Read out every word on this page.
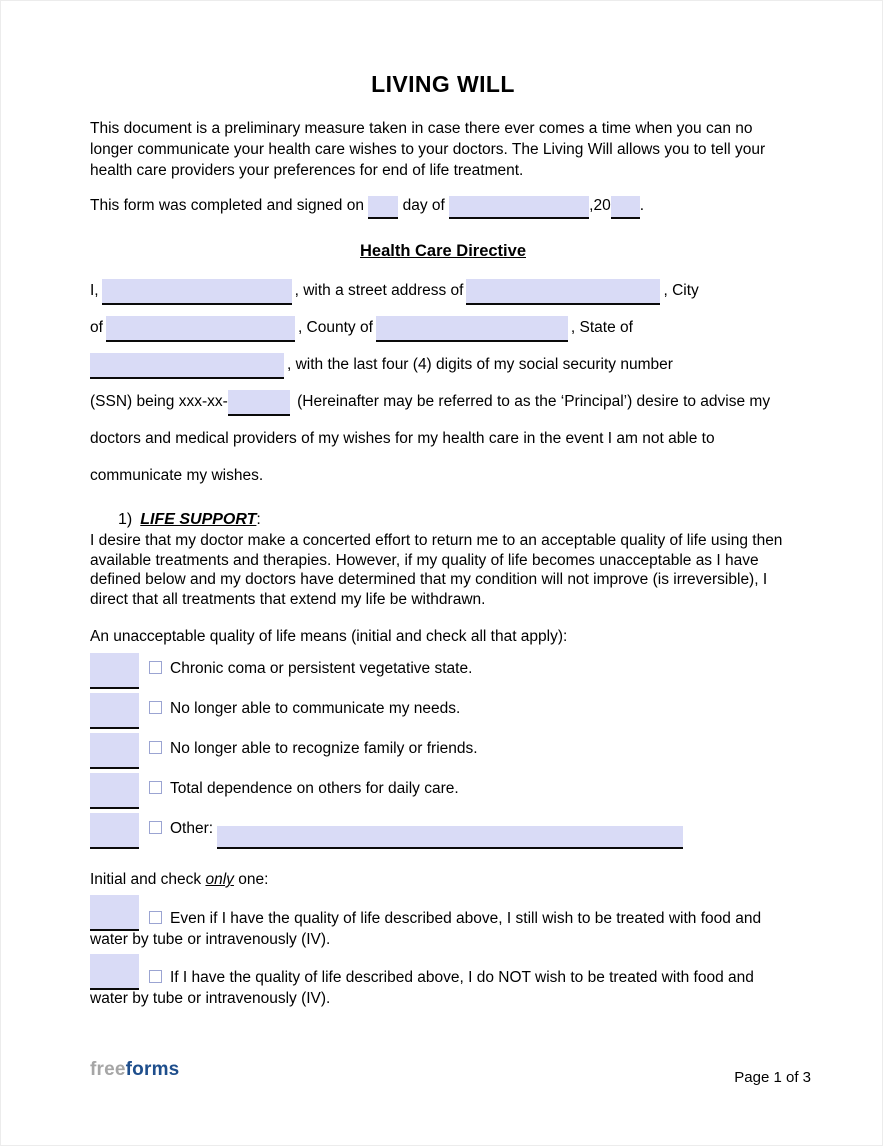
LIVING WILL

This document is a preliminary measure taken in case there ever comes a time when you can no longer communicate your health care wishes to your doctors. The Living Will allows you to tell your health care providers your preferences for end of life treatment.

This form was completed and signed on day of	,20 .
Health Care Directive
I,	, with a street address of	, City
of	, County of	, State of
, with the last four (4) digits of my social security number
(SSN) being xxx-xx-	(Hereinafter may be referred to as the ‘Principal’) desire to advise my
doctors and medical providers of my wishes for my health care in the event I am not able to
communicate my wishes.
1) LIFE SUPPORT:

I desire that my doctor make a concerted effort to return me to an acceptable quality of life using then available treatments and therapies. However, if my quality of life becomes unacceptable as I have defined below and my doctors have determined that my condition will not improve (is irreversible), I direct that all treatments that extend my life be withdrawn.

An unacceptable quality of life means (initial and check all that apply):
Chronic coma or persistent vegetative state.
No longer able to communicate my needs.
No longer able to recognize family or friends.
Total dependence on others for daily care.
Other:
Initial and check only one:
Even if I have the quality of life described above, I still wish to be treated with food and water by tube or intravenously (IV).
If I have the quality of life described above, I do NOT wish to be treated with food and water by tube or intravenously (IV).
freeforms	Page 1 of 3
